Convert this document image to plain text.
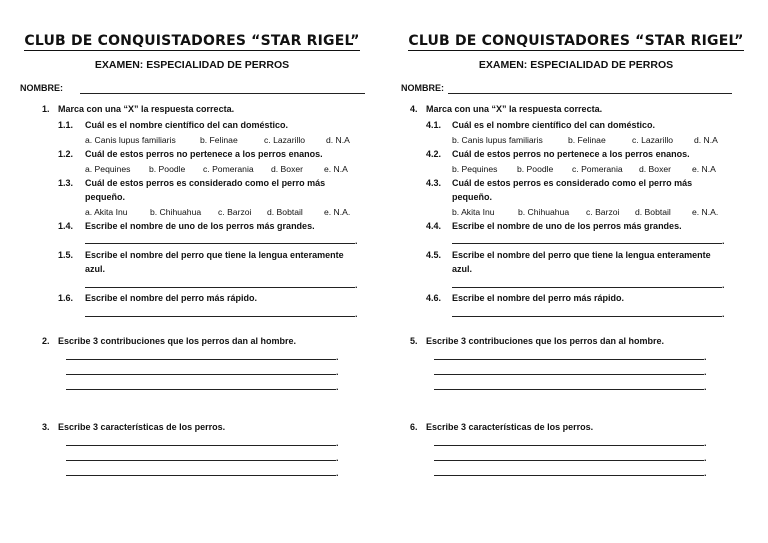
CLUB DE CONQUISTADORES “STAR RIGEL”
EXAMEN: ESPECIALIDAD DE PERROS
NOMBRE:
1. Marca con una “X” la respuesta correcta.
1.1. Cuál es el nombre científico del can doméstico.
a. Canis lupus familiaris	b. Felinae	c. Lazarillo d. N.A
1.2. Cuál de estos perros no pertenece a los perros enanos.
a. Pequines b. Poodle c. Pomerania d. Boxer e. N.A
1.3. Cuál de estos perros es considerado como el perro más
pequeño.
a. Akita Inu	b. Chihuahua c. Barzoi d. Bobtail e. N.A.
1.4. Escribe el nombre de uno de los perros más grandes.
.
1.5. Escribe el nombre del perro que tiene la lengua enteramente
azul.
.
1.6. Escribe el nombre del perro más rápido.
.
2. Escribe 3 contribuciones que los perros dan al hombre.
.
.
.
3. Escribe 3 características de los perros.
.
.
.
CLUB DE CONQUISTADORES “STAR RIGEL”
EXAMEN: ESPECIALIDAD DE PERROS
NOMBRE:
4. Marca con una “X” la respuesta correcta.
4.1. Cuál es el nombre científico del can doméstico.
b. Canis lupus familiaris	b. Felinae	c. Lazarillo d. N.A
4.2. Cuál de estos perros no pertenece a los perros enanos.
b. Pequines b. Poodle c. Pomerania d. Boxer e. N.A
4.3. Cuál de estos perros es considerado como el perro más
pequeño.
b. Akita Inu	b. Chihuahua c. Barzoi d. Bobtail e. N.A.
4.4. Escribe el nombre de uno de los perros más grandes.
.
4.5. Escribe el nombre del perro que tiene la lengua enteramente
azul.
.
4.6. Escribe el nombre del perro más rápido.
.
5. Escribe 3 contribuciones que los perros dan al hombre.
.
.
.
6. Escribe 3 características de los perros.
.
.
.
